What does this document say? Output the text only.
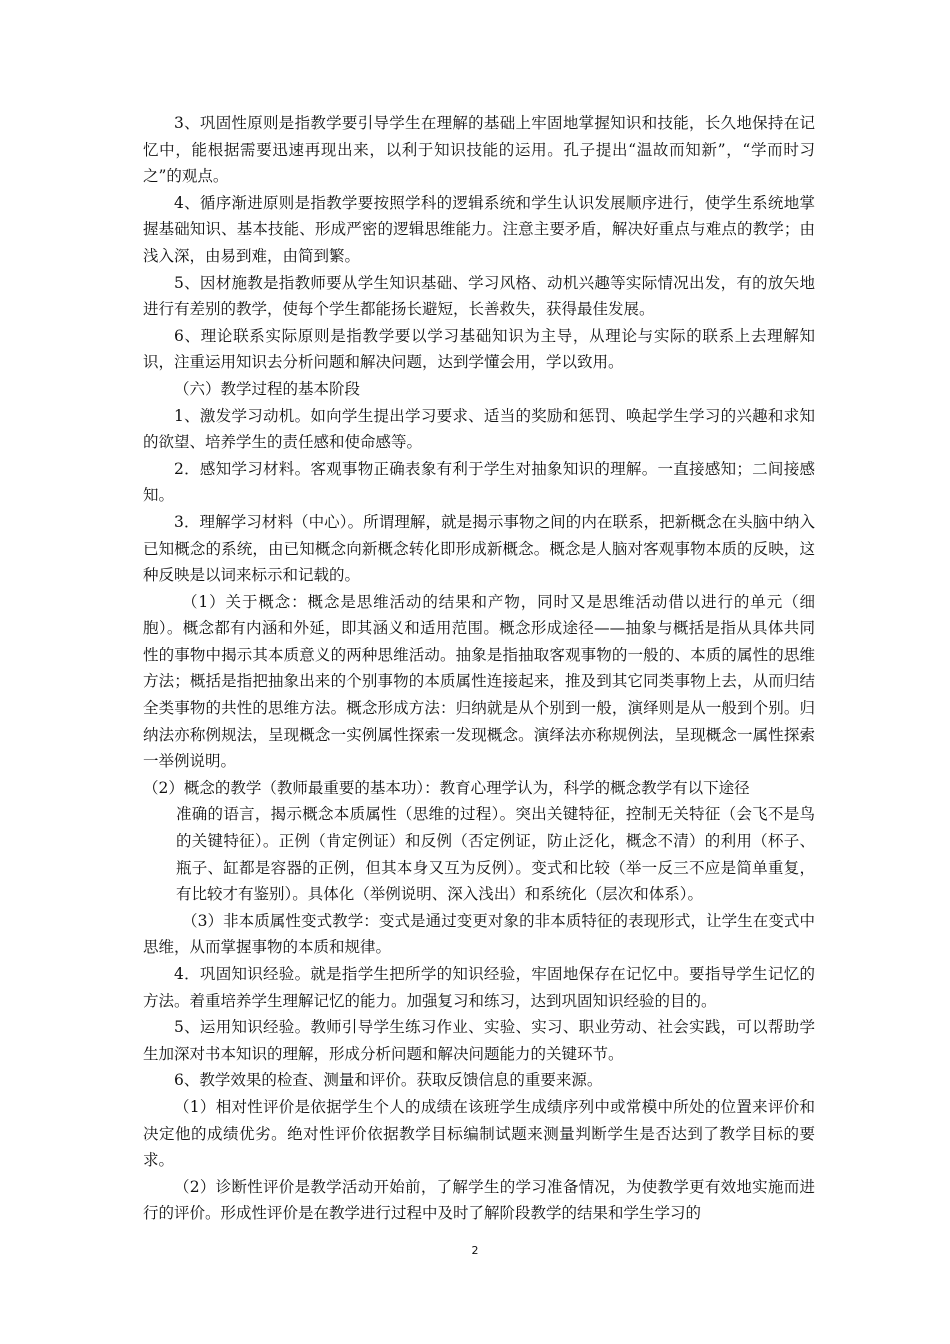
3、巩固性原则是指教学要引导学生在理解的基础上牢固地掌握知识和技能，长久地保持在记忆中，能根据需要迅速再现出来，以利于知识技能的运用。孔子提出“温故而知新”，“学而时习之”的观点。

4、循序渐进原则是指教学要按照学科的逻辑系统和学生认识发展顺序进行，使学生系统地掌握基础知识、基本技能、形成严密的逻辑思维能力。注意主要矛盾，解决好重点与难点的教学；由浅入深，由易到难，由简到繁。

5、因材施教是指教师要从学生知识基础、学习风格、动机兴趣等实际情况出发，有的放矢地进行有差别的教学，使每个学生都能扬长避短，长善救失，获得最佳发展。

6、理论联系实际原则是指教学要以学习基础知识为主导，从理论与实际的联系上去理解知识，注重运用知识去分析问题和解决问题，达到学懂会用，学以致用。

（六）教学过程的基本阶段

1、激发学习动机。如向学生提出学习要求、适当的奖励和惩罚、唤起学生学习的兴趣和求知的欲望、培养学生的责任感和使命感等。

2．感知学习材料。客观事物正确表象有利于学生对抽象知识的理解。一直接感知；二间接感知。

3．理解学习材料（中心）。所谓理解，就是揭示事物之间的内在联系，把新概念在头脑中纳入已知概念的系统，由已知概念向新概念转化即形成新概念。概念是人脑对客观事物本质的反映，这种反映是以词来标示和记载的。

（1）关于概念：概念是思维活动的结果和产物，同时又是思维活动借以进行的单元（细胞）。概念都有内涵和外延，即其涵义和适用范围。概念形成途径——抽象与概括是指从具体共同性的事物中揭示其本质意义的两种思维活动。抽象是指抽取客观事物的一般的、本质的属性的思维方法；概括是指把抽象出来的个别事物的本质属性连接起来，推及到其它同类事物上去，从而归结全类事物的共性的思维方法。概念形成方法：归纳就是从个别到一般，演绎则是从一般到个别。归纳法亦称例规法，呈现概念一实例属性探索一发现概念。演绎法亦称规例法，呈现概念一属性探索一举例说明。

（2）概念的教学（教师最重要的基本功）：教育心理学认为，科学的概念教学有以下途径

准确的语言，揭示概念本质属性（思维的过程）。突出关键特征，控制无关特征（会飞不是鸟的关键特征）。正例（肯定例证）和反例（否定例证，防止泛化，概念不清）的利用（杯子、瓶子、缸都是容器的正例，但其本身又互为反例）。变式和比较（举一反三不应是简单重复，有比较才有鉴别）。具体化（举例说明、深入浅出）和系统化（层次和体系）。

（3）非本质属性变式教学：变式是通过变更对象的非本质特征的表现形式，让学生在变式中思维，从而掌握事物的本质和规律。

4．巩固知识经验。就是指学生把所学的知识经验，牢固地保存在记忆中。要指导学生记忆的方法。着重培养学生理解记忆的能力。加强复习和练习，达到巩固知识经验的目的。

5、运用知识经验。教师引导学生练习作业、实验、实习、职业劳动、社会实践，可以帮助学生加深对书本知识的理解，形成分析问题和解决问题能力的关键环节。

6、教学效果的检查、测量和评价。获取反馈信息的重要来源。

（1）相对性评价是依据学生个人的成绩在该班学生成绩序列中或常模中所处的位置来评价和决定他的成绩优劣。绝对性评价依据教学目标编制试题来测量判断学生是否达到了教学目标的要求。

（2）诊断性评价是教学活动开始前，了解学生的学习准备情况，为使教学更有效地实施而进行的评价。形成性评价是在教学进行过程中及时了解阶段教学的结果和学生学习的

2
